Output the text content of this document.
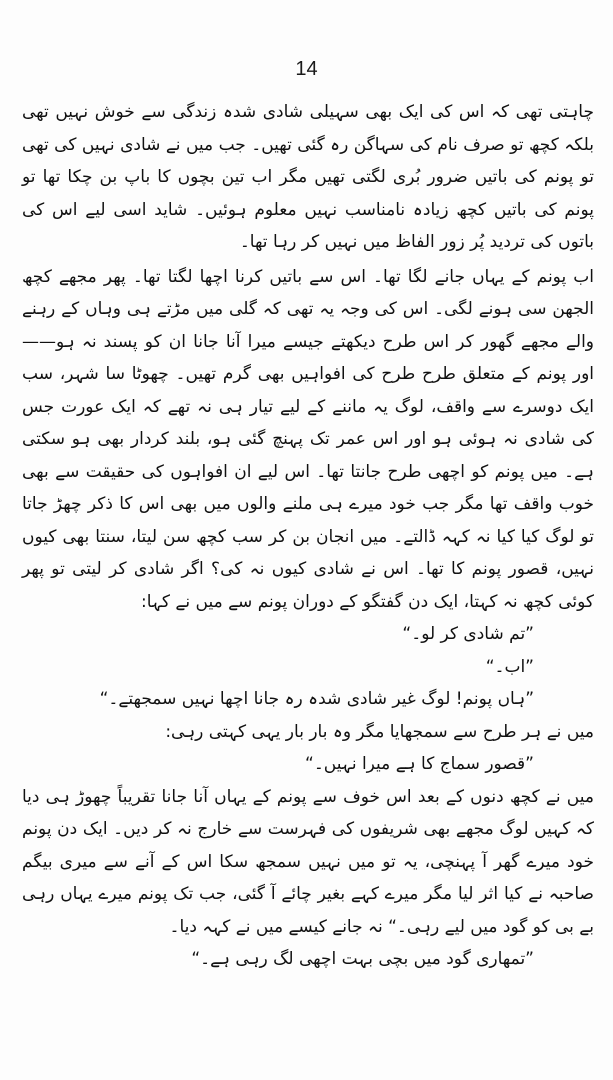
14

چاہتی تھی کہ اس کی ایک بھی سہیلی شادی شدہ زندگی سے خوش نہیں تھی بلکہ کچھ تو صرف نام کی سہاگن رہ گئی تھیں۔ جب میں نے شادی نہیں کی تھی تو پونم کی باتیں ضرور بُری لگتی تھیں مگر اب تین بچوں کا باپ بن چکا تھا تو پونم کی باتیں کچھ زیادہ نامناسب نہیں معلوم ہوئیں۔ شاید اسی لیے اس کی باتوں کی تردید پُر زور الفاظ میں نہیں کر رہا تھا۔

اب پونم کے یہاں جانے لگا تھا۔ اس سے باتیں کرنا اچھا لگتا تھا۔ پھر مجھے کچھ الجھن سی ہونے لگی۔ اس کی وجہ یہ تھی کہ گلی میں مڑتے ہی وہاں کے رہنے والے مجھے گھور کر اس طرح دیکھتے جیسے میرا آنا جانا ان کو پسند نہ ہو—— اور پونم کے متعلق طرح طرح کی افواہیں بھی گرم تھیں۔ چھوٹا سا شہر، سب ایک دوسرے سے واقف، لوگ یہ ماننے کے لیے تیار ہی نہ تھے کہ ایک عورت جس کی شادی نہ ہوئی ہو اور اس عمر تک پہنچ گئی ہو، بلند کردار بھی ہو سکتی ہے۔ میں پونم کو اچھی طرح جانتا تھا۔ اس لیے ان افواہوں کی حقیقت سے بھی خوب واقف تھا مگر جب خود میرے ہی ملنے والوں میں بھی اس کا ذکر چھڑ جاتا تو لوگ کیا کیا نہ کہہ ڈالتے۔ میں انجان بن کر سب کچھ سن لیتا، سنتا بھی کیوں نہیں، قصور پونم کا تھا۔ اس نے شادی کیوں نہ کی؟ اگر شادی کر لیتی تو پھر کوئی کچھ نہ کہتا، ایک دن گفتگو کے دوران پونم سے میں نے کہا:

”تم شادی کر لو۔“

”اب۔“

”ہاں پونم! لوگ غیر شادی شدہ رہ جانا اچھا نہیں سمجھتے۔“

میں نے ہر طرح سے سمجھایا مگر وہ بار بار یہی کہتی رہی:

”قصور سماج کا ہے میرا نہیں۔“

میں نے کچھ دنوں کے بعد اس خوف سے پونم کے یہاں آنا جانا تقریباً چھوڑ ہی دیا کہ کہیں لوگ مجھے بھی شریفوں کی فہرست سے خارج نہ کر دیں۔ ایک دن پونم خود میرے گھر آ پہنچی، یہ تو میں نہیں سمجھ سکا اس کے آنے سے میری بیگم صاحبہ نے کیا اثر لیا مگر میرے کہے بغیر چائے آ گئی، جب تک پونم میرے یہاں رہی بے بی کو گود میں لیے رہی۔“ نہ جانے کیسے میں نے کہہ دیا۔

”تمھاری گود میں بچی بہت اچھی لگ رہی ہے۔“
